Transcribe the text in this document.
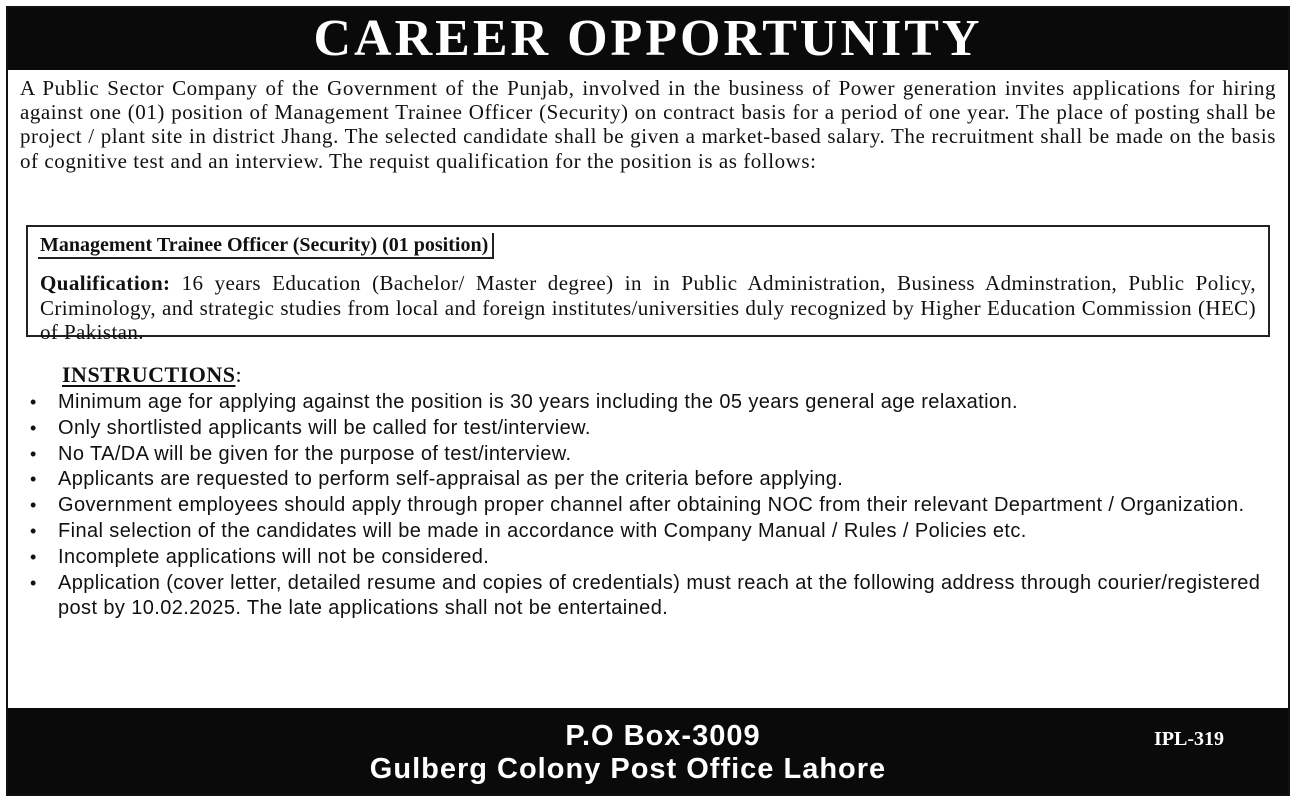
CAREER OPPORTUNITY

A Public Sector Company of the Government of the Punjab, involved in the business of Power generation invites applications for hiring against one (01) position of Management Trainee Officer (Security) on contract basis for a period of one year. The place of posting shall be project / plant site in district Jhang. The selected candidate shall be given a market-based salary. The recruitment shall be made on the basis of cognitive test and an interview. The requist qualification for the position is as follows:

Management Trainee Officer (Security) (01 position)

Qualification: 16 years Education (Bachelor/ Master degree) in in Public Administration, Business Adminstration, Public Policy, Criminology, and strategic studies from local and foreign institutes/universities duly recognized by Higher Education Commission (HEC) of Pakistan.

INSTRUCTIONS:
• Minimum age for applying against the position is 30 years including the 05 years general age relaxation.
• Only shortlisted applicants will be called for test/interview.
• No TA/DA will be given for the purpose of test/interview.
• Applicants are requested to perform self-appraisal as per the criteria before applying.
• Government employees should apply through proper channel after obtaining NOC from their relevant Department / Organization.
• Final selection of the candidates will be made in accordance with Company Manual / Rules / Policies etc.
• Incomplete applications will not be considered.
• Application (cover letter, detailed resume and copies of credentials) must reach at the following address through courier/registered post by 10.02.2025. The late applications shall not be entertained.
P.O Box-3009
Gulberg Colony Post Office Lahore
IPL-319
